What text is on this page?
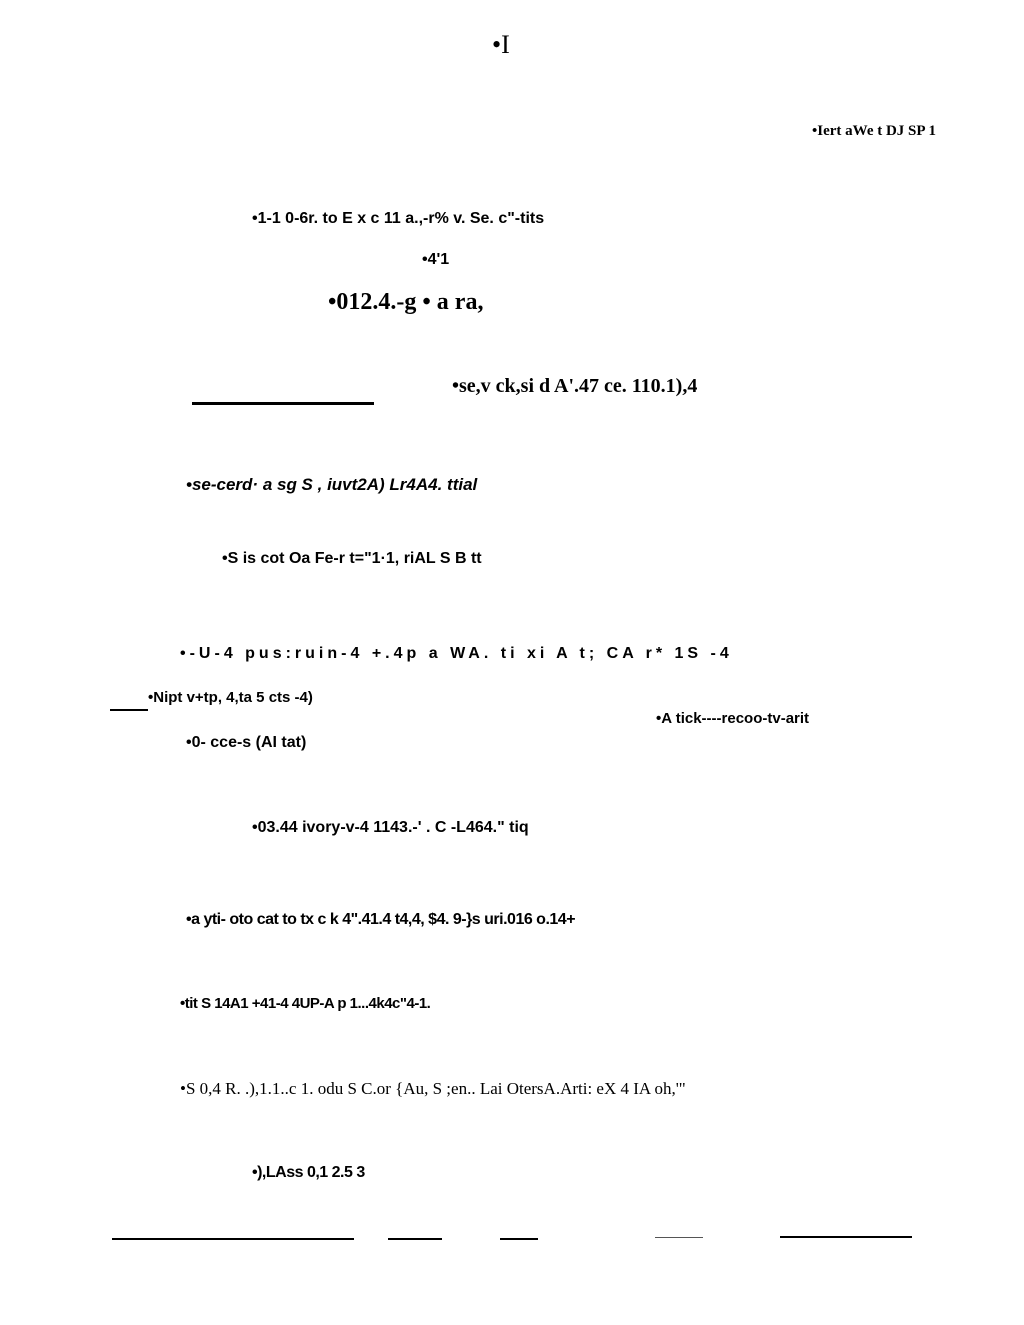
•I
•Iert aWe t DJ SP 1
•1-1 0-6r. to E x c 11 a.,-r% v. Se. c"-tits
•4'1
•012.4.-g • a ra,
•se,v ck,si d A'.47 ce. 110.1),4
•se-cerd· a sg S , iuvt2A) Lr4A4. ttial
•S is cot Oa Fe-r t="1·1, riAL S B tt
•-U-4 pus:ruin-4 +.4p a WA. ti xi A t; CA r* 1S -4
•Nipt v+tp, 4,ta 5 cts -4)
•A tick----recoo-tv-arit
•0- cce-s (AI tat)
•03.44 ivory-v-4 1143.-' . C -L464." tiq
•a yti- oto cat to tx c k 4".41.4 t4,4, $4. 9-}s uri.016 o.14+
•tit S 14A1 +41-4 4UP-A p 1...4k4c"4-1.
•S 0,4 R. .),1.1..c 1. odu S C.or {Au, S ;en.. Lai OtersA.Arti: eX 4 IA oh,'"
•),LAss 0,1 2.5 3
